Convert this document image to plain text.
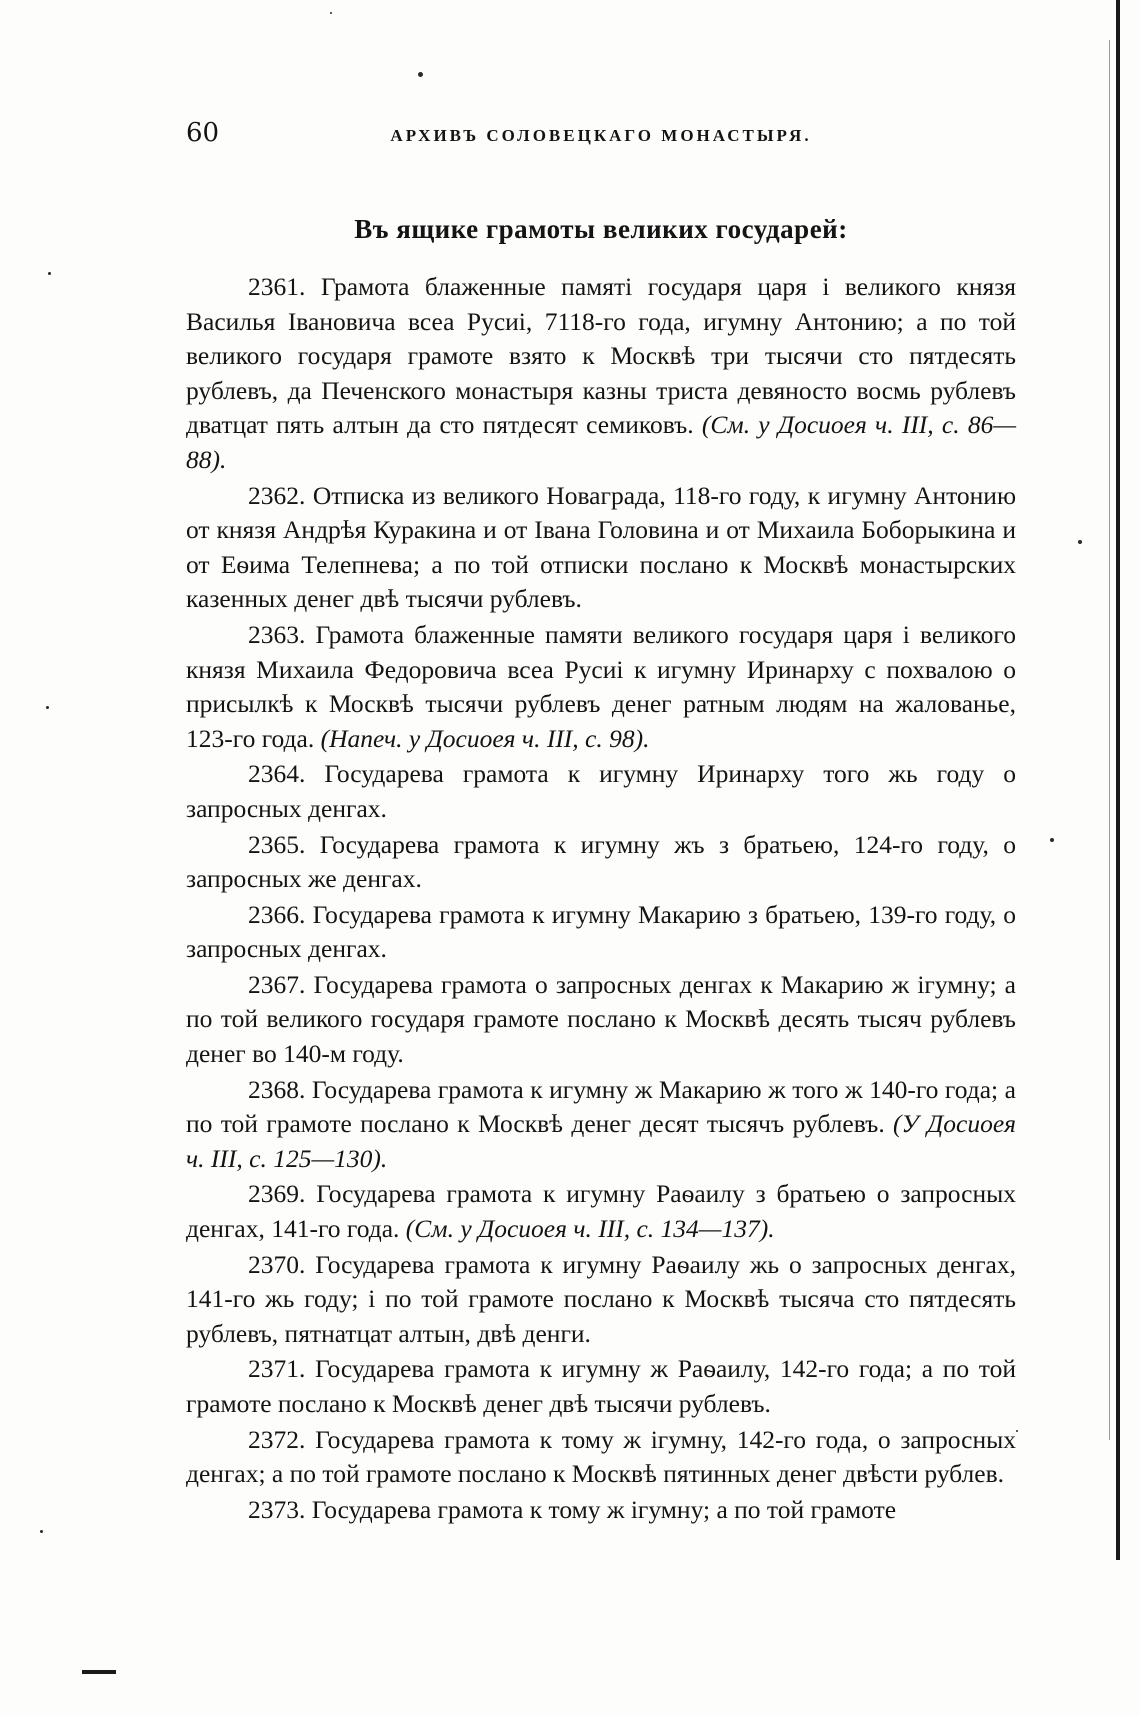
60	АРХИВЪ СОЛОВЕЦКАГО МОНАСТЫРЯ.
Въ ящике грамоты великих государей:

2361. Грамота блаженные памяті государя царя і великого князя Василья Івановича всеа Русиі, 7118-го года, игумну Антонию; а по той великого государя грамоте взято к Москвѣ три тысячи сто пятдесять рублевъ, да Печенского монастыря казны триста девяносто восмь рублевъ дватцат пять алтын да сто пятдесят семиковъ. (См. у Досиоея ч. III, с. 86—88).

2362. Отписка из великого Новаграда, 118-го году, к игумну Антонию от князя Андрѣя Куракина и от Івана Головина и от Михаила Боборыкина и от Еѳима Телепнева; а по той отписки послано к Москвѣ монастырских казенных денег двѣ тысячи рублевъ.

2363. Грамота блаженные памяти великого государя царя і великого князя Михаила Федоровича всеа Русиі к игумну Иринарху с похвалою о присылкѣ к Москвѣ тысячи рублевъ денег ратным людям на жалованье, 123-го года. (Напеч. у Досиоея ч. III, с. 98).

2364. Государева грамота к игумну Иринарху того жь году о запросных денгах.

2365. Государева грамота к игумну жъ з братьею, 124-го году, о запросных же денгах.

2366. Государева грамота к игумну Макарию з братьею, 139-го году, о запросных денгах.

2367. Государева грамота о запросных денгах к Макарию ж ігумну; а по той великого государя грамоте послано к Москвѣ десять тысяч рублевъ денег во 140-м году.

2368. Государева грамота к игумну ж Макарию ж того ж 140-го года; а по той грамоте послано к Москвѣ денег десят тысячъ рублевъ. (У Досиоея ч. III, с. 125—130).

2369. Государева грамота к игумну Раѳаилу з братьею о запросных денгах, 141-го года. (См. у Досиоея ч. III, с. 134—137).

2370. Государева грамота к игумну Раѳаилу жь о запросных денгах, 141-го жь году; і по той грамоте послано к Москвѣ тысяча сто пятдесять рублевъ, пятнатцат алтын, двѣ денги.

2371. Государева грамота к игумну ж Раѳаилу, 142-го года; а по той грамоте послано к Москвѣ денег двѣ тысячи рублевъ.

2372. Государева грамота к тому ж ігумну, 142-го года, о запросных денгах; а по той грамоте послано к Москвѣ пятинных денег двѣсти рублев.

2373. Государева грамота к тому ж ігумну; а по той грамоте
